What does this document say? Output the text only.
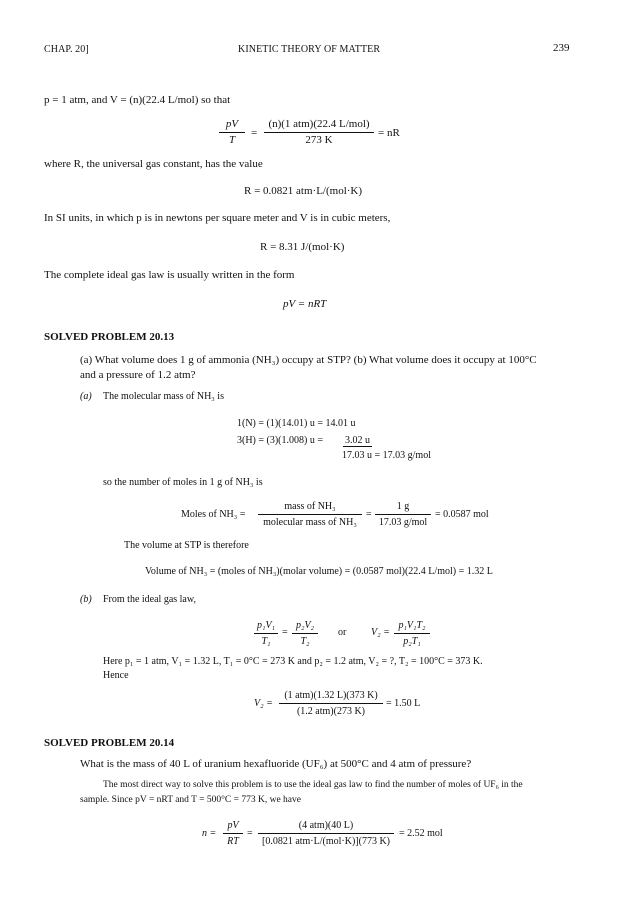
CHAP. 20]	KINETIC THEORY OF MATTER	239
p = 1 atm, and V = (n)(22.4 L/mol) so that
pV
T
=
(n)(1 atm)(22.4 L/mol)
273 K
= nR
where R, the universal gas constant, has the value
R = 0.0821 atm·L/(mol·K)
In SI units, in which p is in newtons per square meter and V is in cubic meters,
R = 8.31 J/(mol·K)
The complete ideal gas law is usually written in the form
pV = nRT
SOLVED PROBLEM 20.13
(a) What volume does 1 g of ammonia (NH₃) occupy at STP? (b) What volume does it occupy at 100°C
and a pressure of 1.2 atm?
(a) The molecular mass of NH₃ is
1(N) = (1)(14.01) u = 14.01 u
3(H) = (3)(1.008) u = 3.02 u
17.03 u = 17.03 g/mol
so the number of moles in 1 g of NH₃ is
Moles of NH₃ =
mass of NH₃
molecular mass of NH₃
=
1 g
17.03 g/mol
= 0.0587 mol
The volume at STP is therefore
Volume of NH₃ = (moles of NH₃)(molar volume) = (0.0587 mol)(22.4 L/mol) = 1.32 L
(b) From the ideal gas law,
p₁V₁
T₁
=
p₂V₂
T₂
or V₂ =
p₁V₁T₂
p₂T₁
Here p₁ = 1 atm, V₁ = 1.32 L, T₁ = 0°C = 273 K and p₂ = 1.2 atm, V₂ = ?, T₂ = 100°C = 373 K.
Hence
V₂ =
(1 atm)(1.32 L)(373 K)
(1.2 atm)(273 K)
= 1.50 L
SOLVED PROBLEM 20.14
What is the mass of 40 L of uranium hexafluoride (UF₆) at 500°C and 4 atm of pressure?
The most direct way to solve this problem is to use the ideal gas law to find the number of moles of UF₆ in the
sample. Since pV = nRT and T = 500°C = 773 K, we have
n =
pV
RT
=
(4 atm)(40 L)
[0.0821 atm·L/(mol·K)](773 K)
= 2.52 mol
